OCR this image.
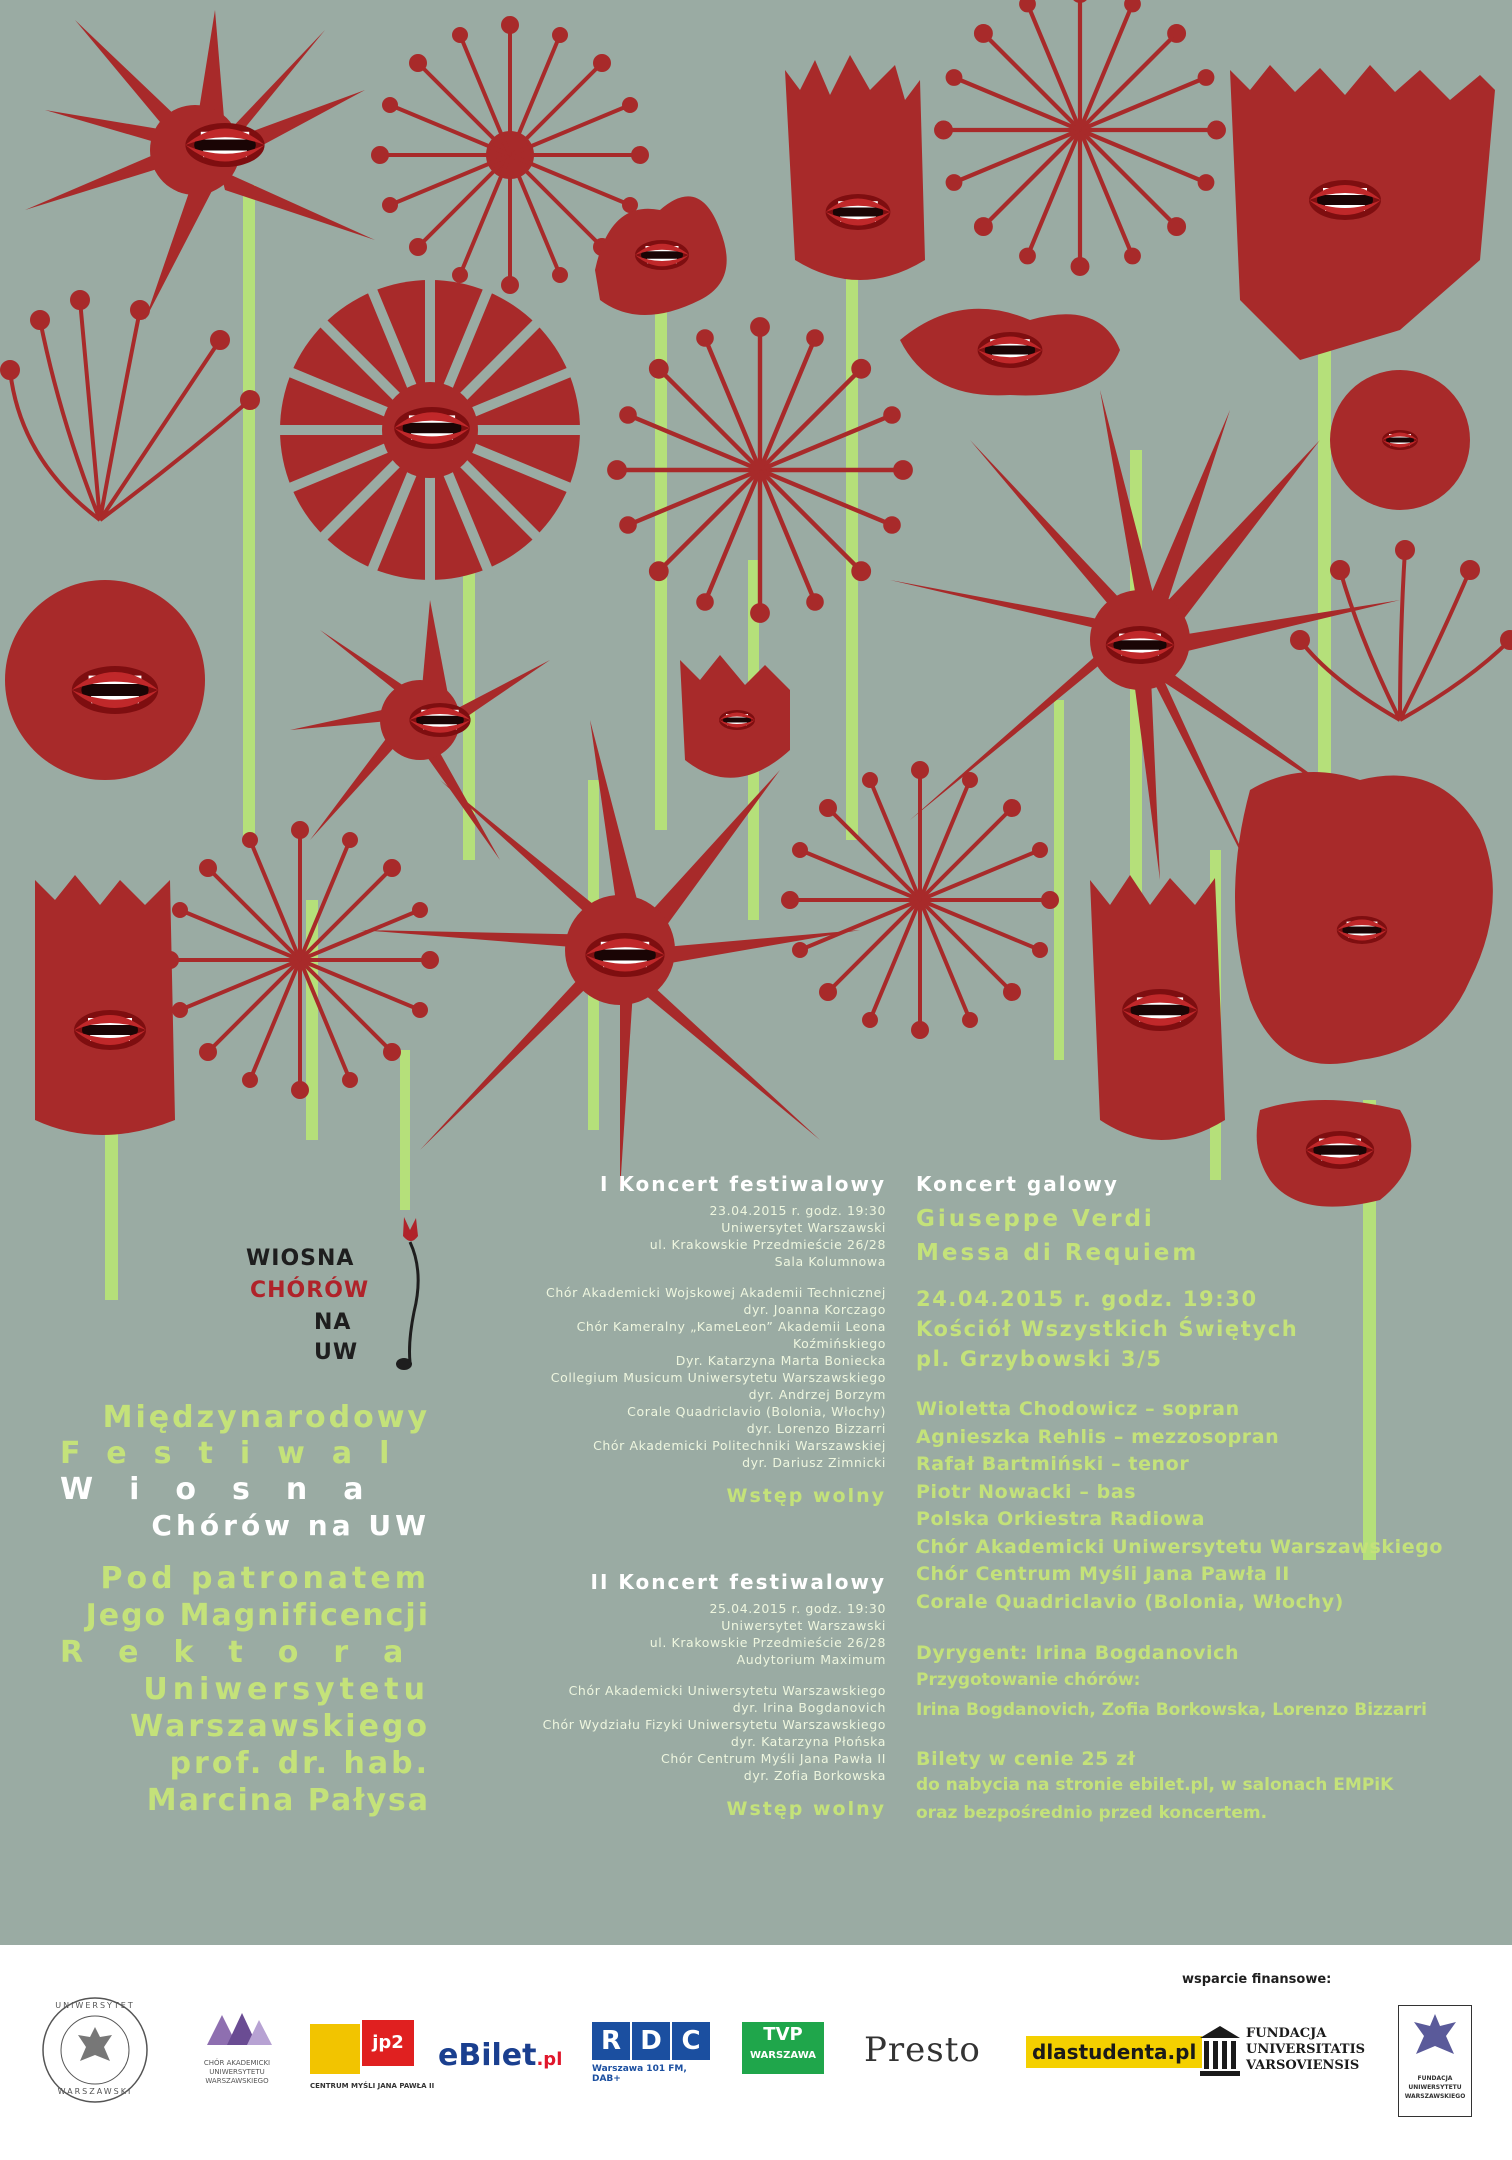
WIOSNA
CHÓRÓW
NA
UW
Międzynarodowy
Festiwal
Wiosna
Chórów na UW
Pod patronatem
Jego Magnificencji
Rektora
Uniwersytetu
Warszawskiego
prof. dr. hab.
Marcina Pałysa
I Koncert festiwalowy
23.04.2015 r. godz. 19:30
Uniwersytet Warszawski
ul. Krakowskie Przedmieście 26/28
Sala Kolumnowa
Chór Akademicki Wojskowej Akademii Technicznej
dyr. Joanna Korczago
Chór Kameralny „KameLeon” Akademii Leona Koźmińskiego
Dyr. Katarzyna Marta Boniecka
Collegium Musicum Uniwersytetu Warszawskiego
dyr. Andrzej Borzym
Corale Quadriclavio (Bolonia, Włochy)
dyr. Lorenzo Bizzarri
Chór Akademicki Politechniki Warszawskiej
dyr. Dariusz Zimnicki
Wstęp wolny
II Koncert festiwalowy
25.04.2015 r. godz. 19:30
Uniwersytet Warszawski
ul. Krakowskie Przedmieście 26/28
Audytorium Maximum
Chór Akademicki Uniwersytetu Warszawskiego
dyr. Irina Bogdanovich
Chór Wydziału Fizyki Uniwersytetu Warszawskiego
dyr. Katarzyna Płońska
Chór Centrum Myśli Jana Pawła II
dyr. Zofia Borkowska
Wstęp wolny
Koncert galowy
Giuseppe Verdi
Messa di Requiem
24.04.2015 r. godz. 19:30
Kościół Wszystkich Świętych
pl. Grzybowski 3/5
Wioletta Chodowicz – sopran
Agnieszka Rehlis – mezzosopran
Rafał Bartmiński – tenor
Piotr Nowacki – bas
Polska Orkiestra Radiowa
Chór Akademicki Uniwersytetu Warszawskiego
Chór Centrum Myśli Jana Pawła II
Corale Quadriclavio (Bolonia, Włochy)
Dyrygent: Irina Bogdanovich
Przygotowanie chórów:
Irina Bogdanovich, Zofia Borkowska, Lorenzo Bizzarri
Bilety w cenie 25 zł
do nabycia na stronie ebilet.pl, w salonach EMPiK
oraz bezpośrednio przed koncertem.
wsparcie finansowe:
UNIWERSYTET
WARSZAWSKI
CHÓR AKADEMICKI
UNIWERSYTETU
WARSZAWSKIEGO
jp2
CENTRUM MYŚLI JANA PAWŁA II
eBilet.pl
R D C
Warszawa 101 FM, DAB+
TVP
WARSZAWA Presto	dlastudenta.pl
FUNDACJA
UNIVERSITATIS
VARSOVIENSIS
FUNDACJA
UNIWERSYTETU
WARSZAWSKIEGO
